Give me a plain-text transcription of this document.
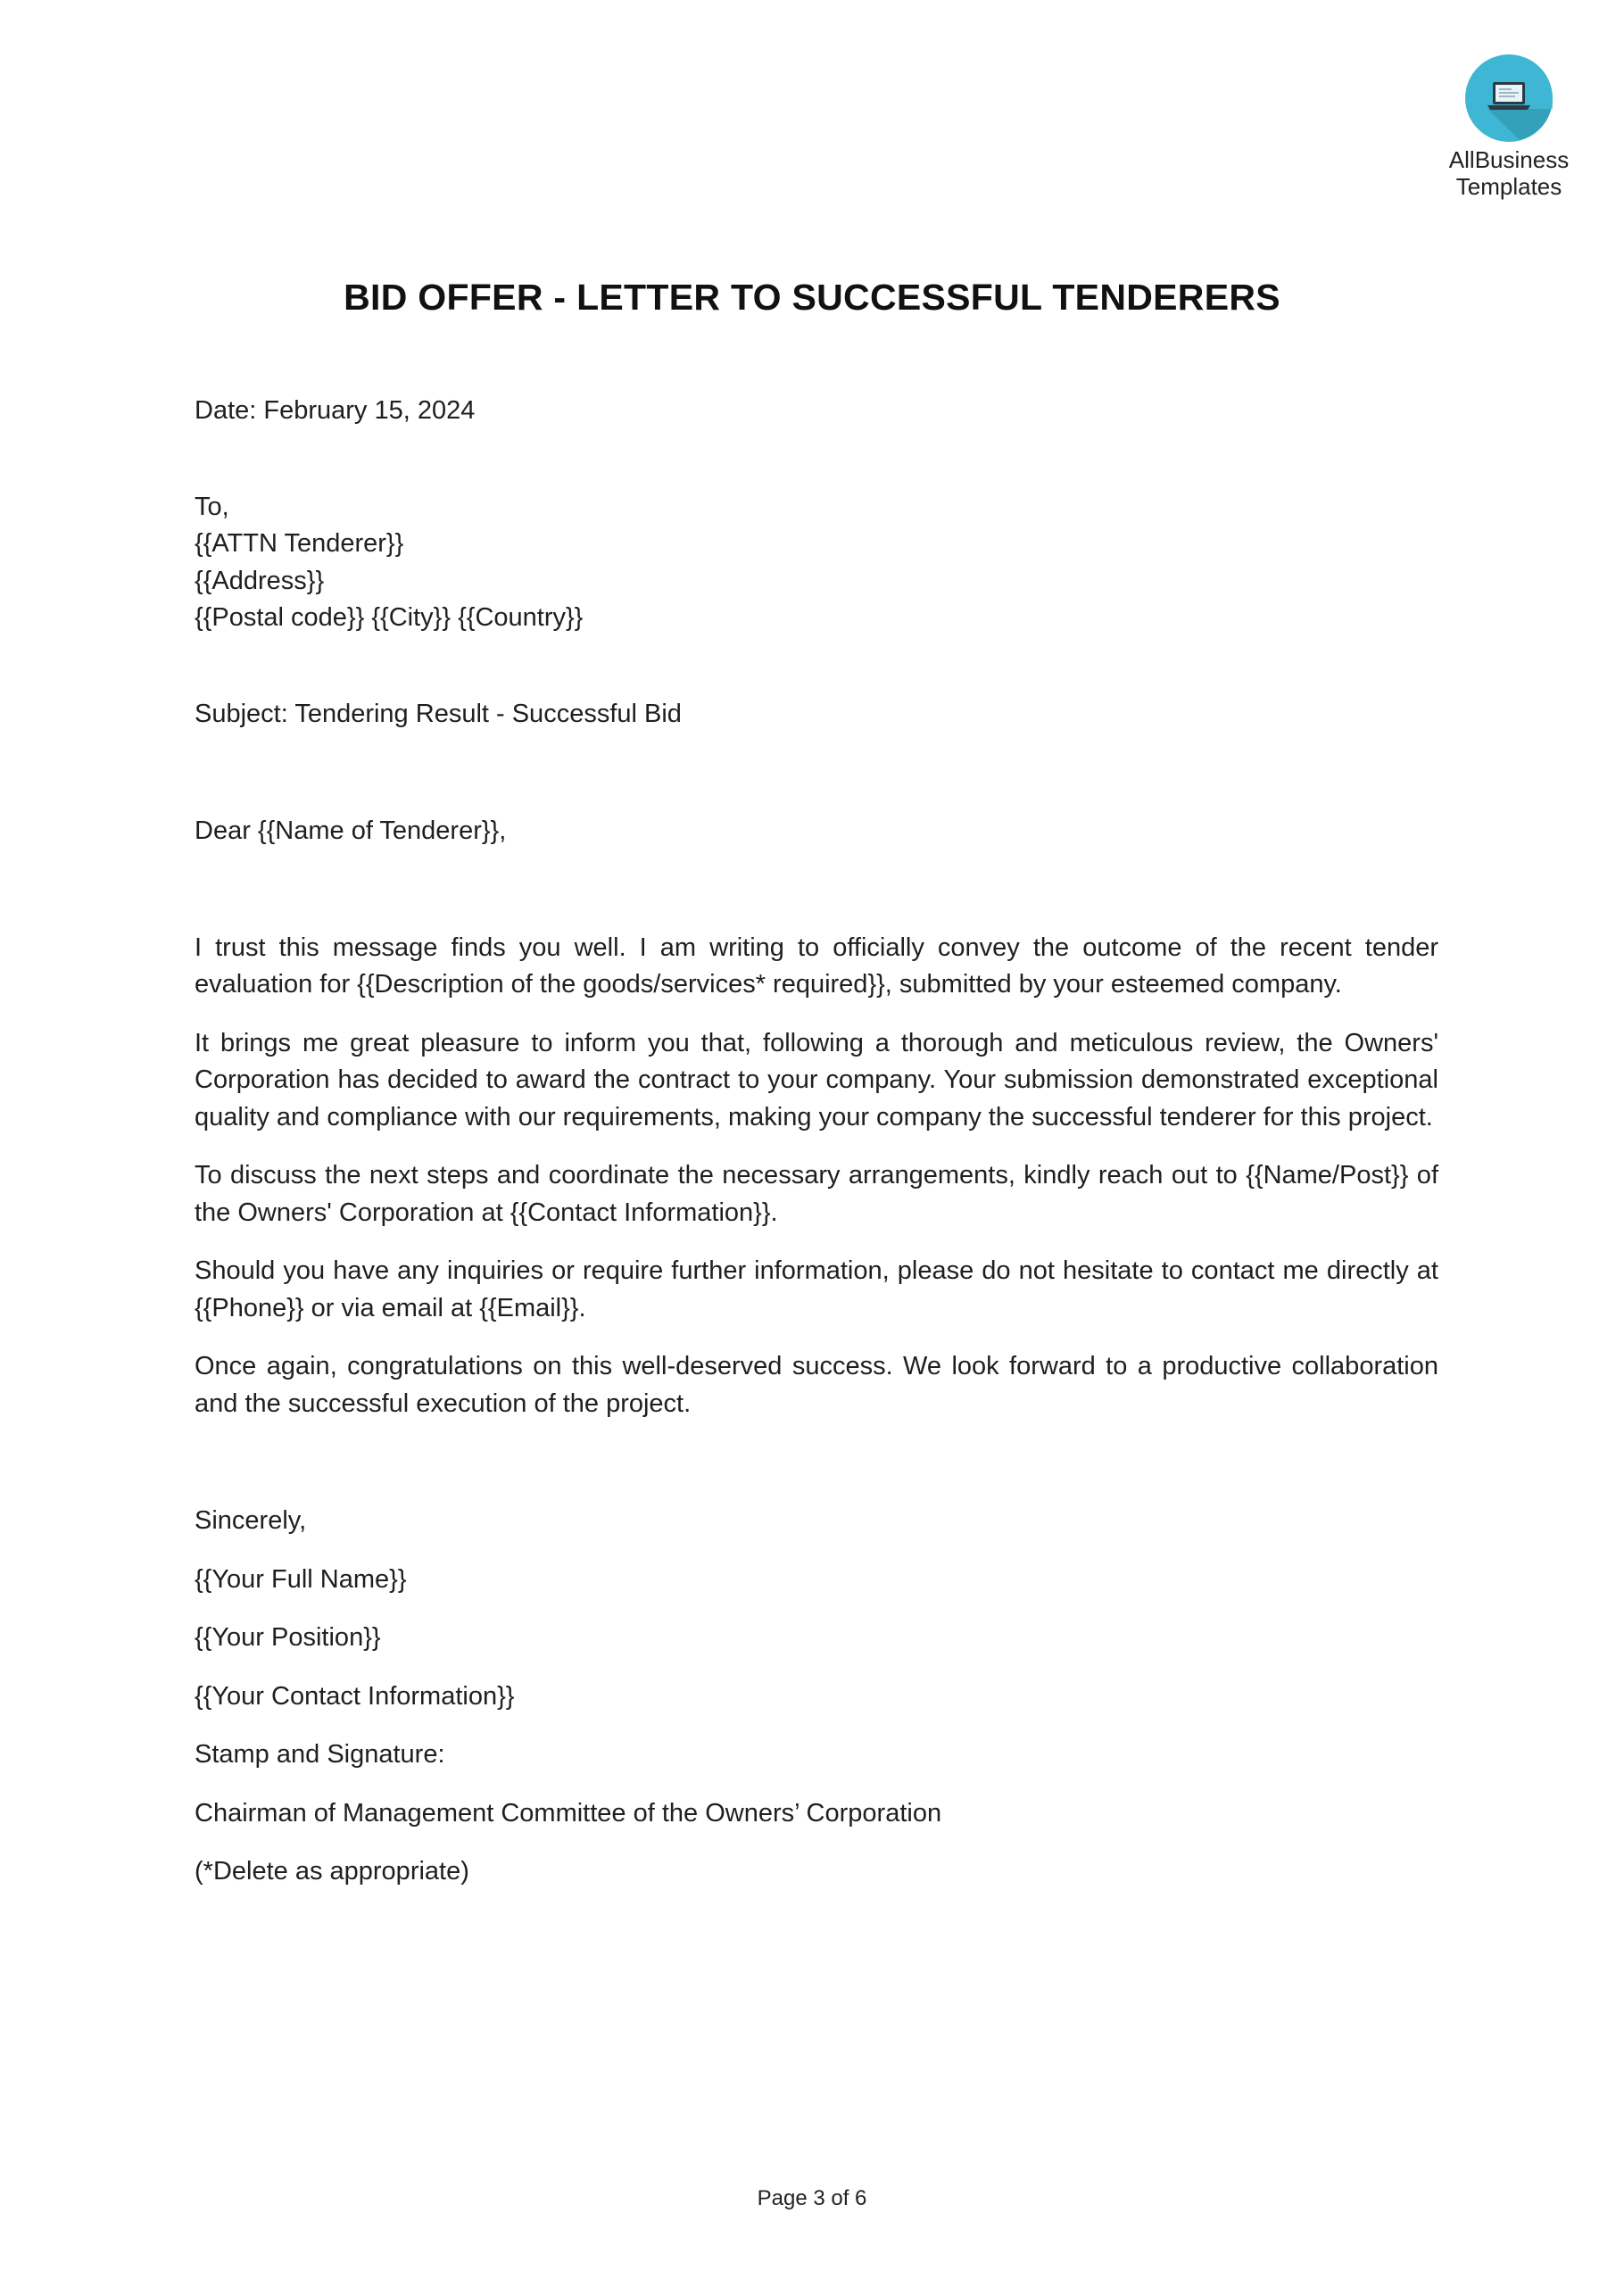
AllBusiness
Templates
BID OFFER - LETTER TO SUCCESSFUL TENDERERS
Date: February 15, 2024
To,
{{ATTN Tenderer}}
{{Address}}
{{Postal code}} {{City}} {{Country}}
Subject: Tendering Result - Successful Bid
Dear {{Name of Tenderer}},

I trust this message finds you well. I am writing to officially convey the outcome of the recent tender evaluation for {{Description of the goods/services* required}}, submitted by your esteemed company.

It brings me great pleasure to inform you that, following a thorough and meticulous review, the Owners' Corporation has decided to award the contract to your company. Your submission demonstrated exceptional quality and compliance with our requirements, making your company the successful tenderer for this project.

To discuss the next steps and coordinate the necessary arrangements, kindly reach out to {{Name/Post}} of the Owners' Corporation at {{Contact Information}}.

Should you have any inquiries or require further information, please do not hesitate to contact me directly at {{Phone}} or via email at {{Email}}.

Once again, congratulations on this well-deserved success. We look forward to a productive collaboration and the successful execution of the project.

Sincerely,
{{Your Full Name}}
{{Your Position}}
{{Your Contact Information}}
Stamp and Signature:
Chairman of Management Committee of the Owners’ Corporation
(*Delete as appropriate)
Page 3 of 6
